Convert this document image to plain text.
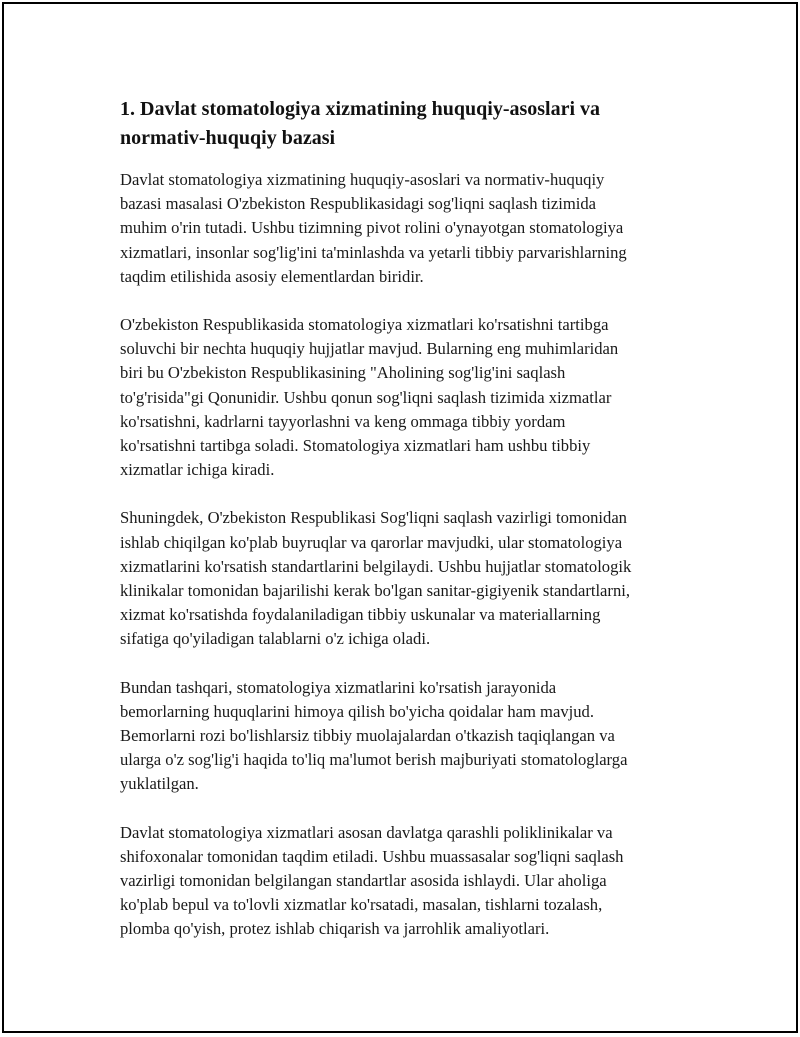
1. Davlat stomatologiya xizmatining huquqiy-asoslari va normativ-huquqiy bazasi

Davlat stomatologiya xizmatining huquqiy-asoslari va normativ-huquqiy
bazasi masalasi O'zbekiston Respublikasidagi sog'liqni saqlash tizimida
muhim o'rin tutadi. Ushbu tizimning pivot rolini o'ynayotgan stomatologiya
xizmatlari, insonlar sog'lig'ini ta'minlashda va yetarli tibbiy parvarishlarning
taqdim etilishida asosiy elementlardan biridir.

O'zbekiston Respublikasida stomatologiya xizmatlari ko'rsatishni tartibga
soluvchi bir nechta huquqiy hujjatlar mavjud. Bularning eng muhimlaridan
biri bu O'zbekiston Respublikasining "Aholining sog'lig'ini saqlash
to'g'risida"gi Qonunidir. Ushbu qonun sog'liqni saqlash tizimida xizmatlar
ko'rsatishni, kadrlarni tayyorlashni va keng ommaga tibbiy yordam
ko'rsatishni tartibga soladi. Stomatologiya xizmatlari ham ushbu tibbiy
xizmatlar ichiga kiradi.

Shuningdek, O'zbekiston Respublikasi Sog'liqni saqlash vazirligi tomonidan
ishlab chiqilgan ko'plab buyruqlar va qarorlar mavjudki, ular stomatologiya
xizmatlarini ko'rsatish standartlarini belgilaydi. Ushbu hujjatlar stomatologik
klinikalar tomonidan bajarilishi kerak bo'lgan sanitar-gigiyenik standartlarni,
xizmat ko'rsatishda foydalaniladigan tibbiy uskunalar va materiallarning
sifatiga qo'yiladigan talablarni o'z ichiga oladi.

Bundan tashqari, stomatologiya xizmatlarini ko'rsatish jarayonida
bemorlarning huquqlarini himoya qilish bo'yicha qoidalar ham mavjud.
Bemorlarni rozi bo'lishlarsiz tibbiy muolajalardan o'tkazish taqiqlangan va
ularga o'z sog'lig'i haqida to'liq ma'lumot berish majburiyati stomatologlarga
yuklatilgan.

Davlat stomatologiya xizmatlari asosan davlatga qarashli poliklinikalar va
shifoxonalar tomonidan taqdim etiladi. Ushbu muassasalar sog'liqni saqlash
vazirligi tomonidan belgilangan standartlar asosida ishlaydi. Ular aholiga
ko'plab bepul va to'lovli xizmatlar ko'rsatadi, masalan, tishlarni tozalash,
plomba qo'yish, protez ishlab chiqarish va jarrohlik amaliyotlari.
